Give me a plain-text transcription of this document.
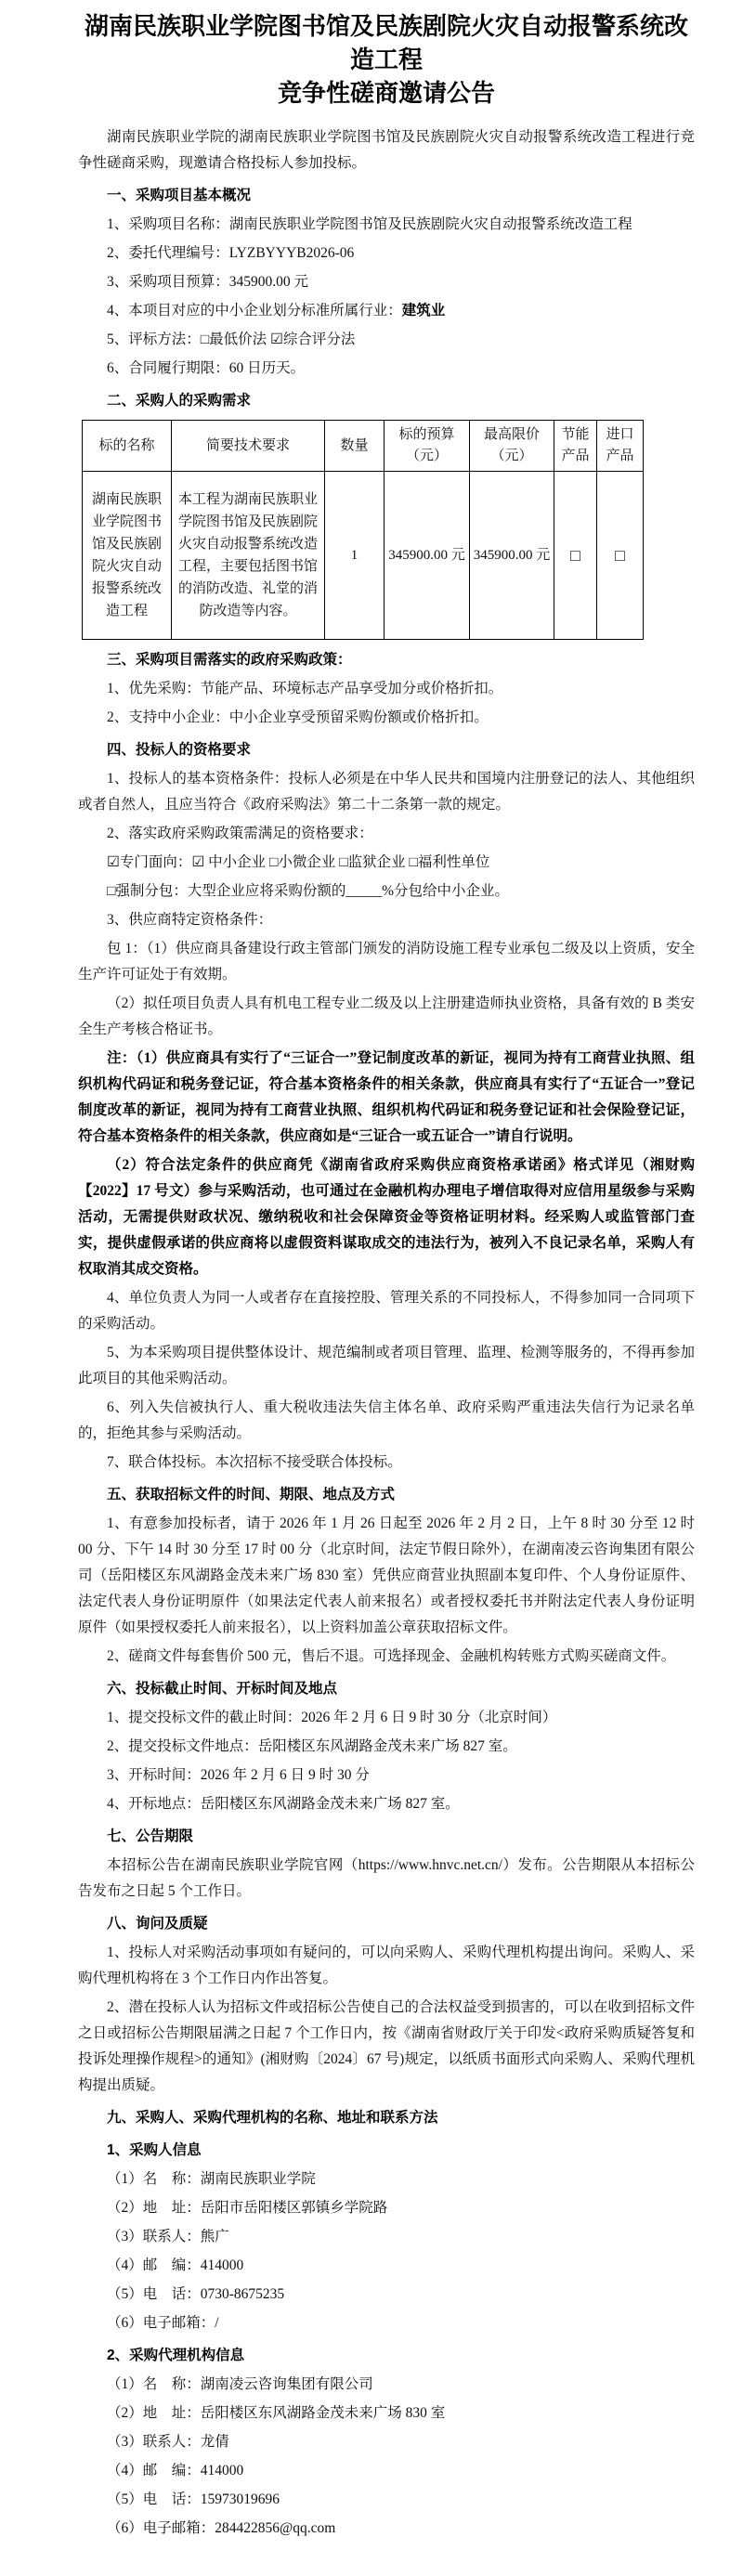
湖南民族职业学院图书馆及民族剧院火灾自动报警系统改造工程
竞争性磋商邀请公告

湖南民族职业学院的湖南民族职业学院图书馆及民族剧院火灾自动报警系统改造工程进行竞争性磋商采购，现邀请合格投标人参加投标。

一、采购项目基本概况

1、采购项目名称：湖南民族职业学院图书馆及民族剧院火灾自动报警系统改造工程

2、委托代理编号：LYZBYYYB2026-06

3、采购项目预算：345900.00 元

4、本项目对应的中小企业划分标准所属行业：建筑业

5、评标方法：□最低价法 ☑综合评分法

6、合同履行期限：60 日历天。

二、采购人的采购需求

标的名称	简要技术要求	数量	标的预算（元）	最高限价（元）	节能产品	进口产品
湖南民族职业学院图书馆及民族剧院火灾自动报警系统改造工程	本工程为湖南民族职业学院图书馆及民族剧院火灾自动报警系统改造工程，主要包括图书馆的消防改造、礼堂的消防改造等内容。	1	345900.00 元	345900.00 元	□	□

三、采购项目需落实的政府采购政策：

1、优先采购：节能产品、环境标志产品享受加分或价格折扣。

2、支持中小企业：中小企业享受预留采购份额或价格折扣。

四、投标人的资格要求

1、投标人的基本资格条件：投标人必须是在中华人民共和国境内注册登记的法人、其他组织或者自然人，且应当符合《政府采购法》第二十二条第一款的规定。

2、落实政府采购政策需满足的资格要求：

☑专门面向：☑ 中小企业 □小微企业 □监狱企业 □福利性单位

□强制分包：大型企业应将采购份额的_____%分包给中小企业。

3、供应商特定资格条件：

包 1：（1）供应商具备建设行政主管部门颁发的消防设施工程专业承包二级及以上资质，安全生产许可证处于有效期。

（2）拟任项目负责人具有机电工程专业二级及以上注册建造师执业资格，具备有效的 B 类安全生产考核合格证书。

注：（1）供应商具有实行了“三证合一”登记制度改革的新证，视同为持有工商营业执照、组织机构代码证和税务登记证，符合基本资格条件的相关条款，供应商具有实行了“五证合一”登记制度改革的新证，视同为持有工商营业执照、组织机构代码证和税务登记证和社会保险登记证，符合基本资格条件的相关条款，供应商如是“三证合一或五证合一”请自行说明。

（2）符合法定条件的供应商凭《湖南省政府采购供应商资格承诺函》格式详见（湘财购【2022】17 号文）参与采购活动，也可通过在金融机构办理电子增信取得对应信用星级参与采购活动，无需提供财政状况、缴纳税收和社会保障资金等资格证明材料。经采购人或监管部门查实，提供虚假承诺的供应商将以虚假资料谋取成交的违法行为，被列入不良记录名单，采购人有权取消其成交资格。

4、单位负责人为同一人或者存在直接控股、管理关系的不同投标人，不得参加同一合同项下的采购活动。

5、为本采购项目提供整体设计、规范编制或者项目管理、监理、检测等服务的，不得再参加此项目的其他采购活动。

6、列入失信被执行人、重大税收违法失信主体名单、政府采购严重违法失信行为记录名单的，拒绝其参与采购活动。

7、联合体投标。本次招标不接受联合体投标。

五、获取招标文件的时间、期限、地点及方式

1、有意参加投标者，请于 2026 年 1 月 26 日起至 2026 年 2 月 2 日，上午 8 时 30 分至 12 时 00 分、下午 14 时 30 分至 17 时 00 分（北京时间，法定节假日除外），在湖南凌云咨询集团有限公司（岳阳楼区东风湖路金茂未来广场 830 室）凭供应商营业执照副本复印件、个人身份证原件、法定代表人身份证明原件（如果法定代表人前来报名）或者授权委托书并附法定代表人身份证明原件（如果授权委托人前来报名），以上资料加盖公章获取招标文件。

2、磋商文件每套售价 500 元，售后不退。可选择现金、金融机构转账方式购买磋商文件。

六、投标截止时间、开标时间及地点

1、提交投标文件的截止时间：2026 年 2 月 6 日 9 时 30 分（北京时间）

2、提交投标文件地点：岳阳楼区东风湖路金茂未来广场 827 室。

3、开标时间：2026 年 2 月 6 日 9 时 30 分

4、开标地点：岳阳楼区东风湖路金茂未来广场 827 室。

七、公告期限

本招标公告在湖南民族职业学院官网（https://www.hnvc.net.cn/）发布。公告期限从本招标公告发布之日起 5 个工作日。

八、询问及质疑

1、投标人对采购活动事项如有疑问的，可以向采购人、采购代理机构提出询问。采购人、采购代理机构将在 3 个工作日内作出答复。

2、潜在投标人认为招标文件或招标公告使自己的合法权益受到损害的，可以在收到招标文件之日或招标公告期限届满之日起 7 个工作日内，按《湖南省财政厅关于印发<政府采购质疑答复和投诉处理操作规程>的通知》(湘财购〔2024〕67 号)规定，以纸质书面形式向采购人、采购代理机构提出质疑。

九、采购人、采购代理机构的名称、地址和联系方法

1、采购人信息

（1）名　称：湖南民族职业学院

（2）地　址：岳阳市岳阳楼区郭镇乡学院路

（3）联系人：熊广

（4）邮　编：414000

（5）电　话：0730-8675235

（6）电子邮箱：/

2、采购代理机构信息

（1）名　称：湖南凌云咨询集团有限公司

（2）地　址：岳阳楼区东风湖路金茂未来广场 830 室

（3）联系人：龙倩

（4）邮　编：414000

（5）电　话：15973019696

（6）电子邮箱：284422856@qq.com
